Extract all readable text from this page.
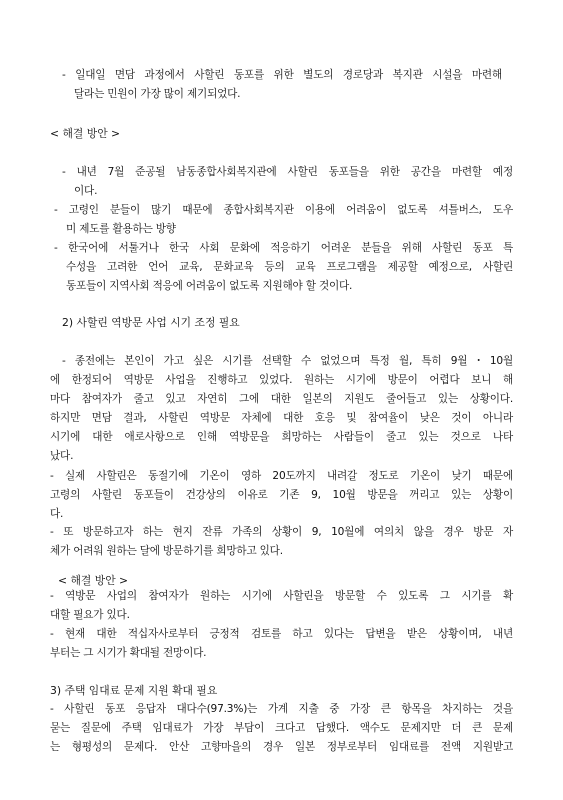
- 일대일 면담 과정에서 사할린 동포를 위한 별도의 경로당과 복지관 시설을 마련해
달라는 민원이 가장 많이 제기되었다.
< 해결 방안 >
- 내년 7월 준공될 남동종합사회복지관에 사할린 동포들을 위한 공간을 마련할 예정
이다.
- 고령인 분들이 많기 때문에 종합사회복지관 이용에 어려움이 없도록 셔틀버스, 도우
미 제도를 활용하는 방향
- 한국어에 서툴거나 한국 사회 문화에 적응하기 어려운 분들을 위해 사할린 동포 특
수성을 고려한 언어 교육, 문화교육 등의 교육 프로그램을 제공할 예정으로, 사할린
동포들이 지역사회 적응에 어려움이 없도록 지원해야 할 것이다.
2) 사할린 역방문 사업 시기 조정 필요
- 종전에는 본인이 가고 싶은 시기를 선택할 수 없었으며 특정 월, 특히 9월・10월
에 한정되어 역방문 사업을 진행하고 있었다. 원하는 시기에 방문이 어렵다 보니 해
마다 참여자가 줄고 있고 자연히 그에 대한 일본의 지원도 줄어들고 있는 상황이다.
하지만 면담 결과, 사할린 역방문 자체에 대한 호응 및 참여율이 낮은 것이 아니라
시기에 대한 애로사항으로 인해 역방문을 희망하는 사람들이 줄고 있는 것으로 나타
났다.
- 실제 사할린은 동절기에 기온이 영하 20도까지 내려갈 정도로 기온이 낮기 때문에
고령의 사할린 동포들이 건강상의 이유로 기존 9, 10월 방문을 꺼리고 있는 상황이
다.
- 또 방문하고자 하는 현지 잔류 가족의 상황이 9, 10월에 여의치 않을 경우 방문 자
체가 어려워 원하는 달에 방문하기를 희망하고 있다.
< 해결 방안 >
- 역방문 사업의 참여자가 원하는 시기에 사할린을 방문할 수 있도록 그 시기를 확
대할 필요가 있다.
- 현재 대한 적십자사로부터 긍정적 검토를 하고 있다는 답변을 받은 상황이며, 내년
부터는 그 시기가 확대될 전망이다.
3) 주택 임대료 문제 지원 확대 필요
- 사할린 동포 응답자 대다수(97.3%)는 가계 지출 중 가장 큰 항목을 차지하는 것을
묻는 질문에 주택 임대료가 가장 부담이 크다고 답했다. 액수도 문제지만 더 큰 문제
는 형평성의 문제다. 안산 고향마을의 경우 일본 정부로부터 임대료를 전액 지원받고
